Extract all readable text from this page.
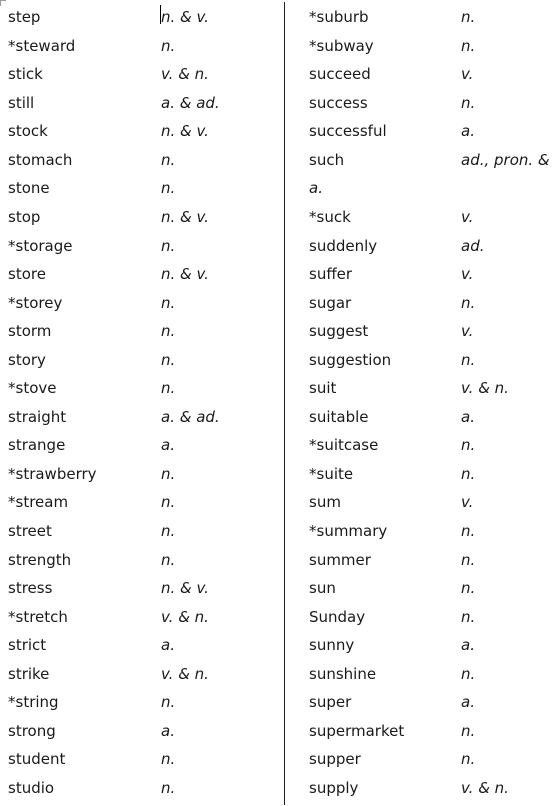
step	n. & v.
*steward	n.
stick	v. & n.
still	a. & ad.
stock	n. & v.
stomach	n.
stone	n.
stop	n. & v.
*storage	n.
store	n. & v.
*storey	n.
storm	n.
story	n.
*stove	n.
straight	a. & ad.
strange	a.
*strawberry	n.
*stream	n.
street	n.
strength	n.
stress	n. & v.
*stretch	v. & n.
strict	a.
strike	v. & n.
*string	n.
strong	a.
student	n.
studio	n.
*suburb	n.
*subway	n.
succeed	v.
success	n.
successful	a.
such	ad., pron. &
a.
*suck	v.
suddenly	ad.
suffer	v.
sugar	n.
suggest	v.
suggestion	n.
suit	v. & n.
suitable	a.
*suitcase	n.
*suite	n.
sum	v.
*summary	n.
summer	n.
sun	n.
Sunday	n.
sunny	a.
sunshine	n.
super	a.
supermarket	n.
supper	n.
supply	v. & n.
